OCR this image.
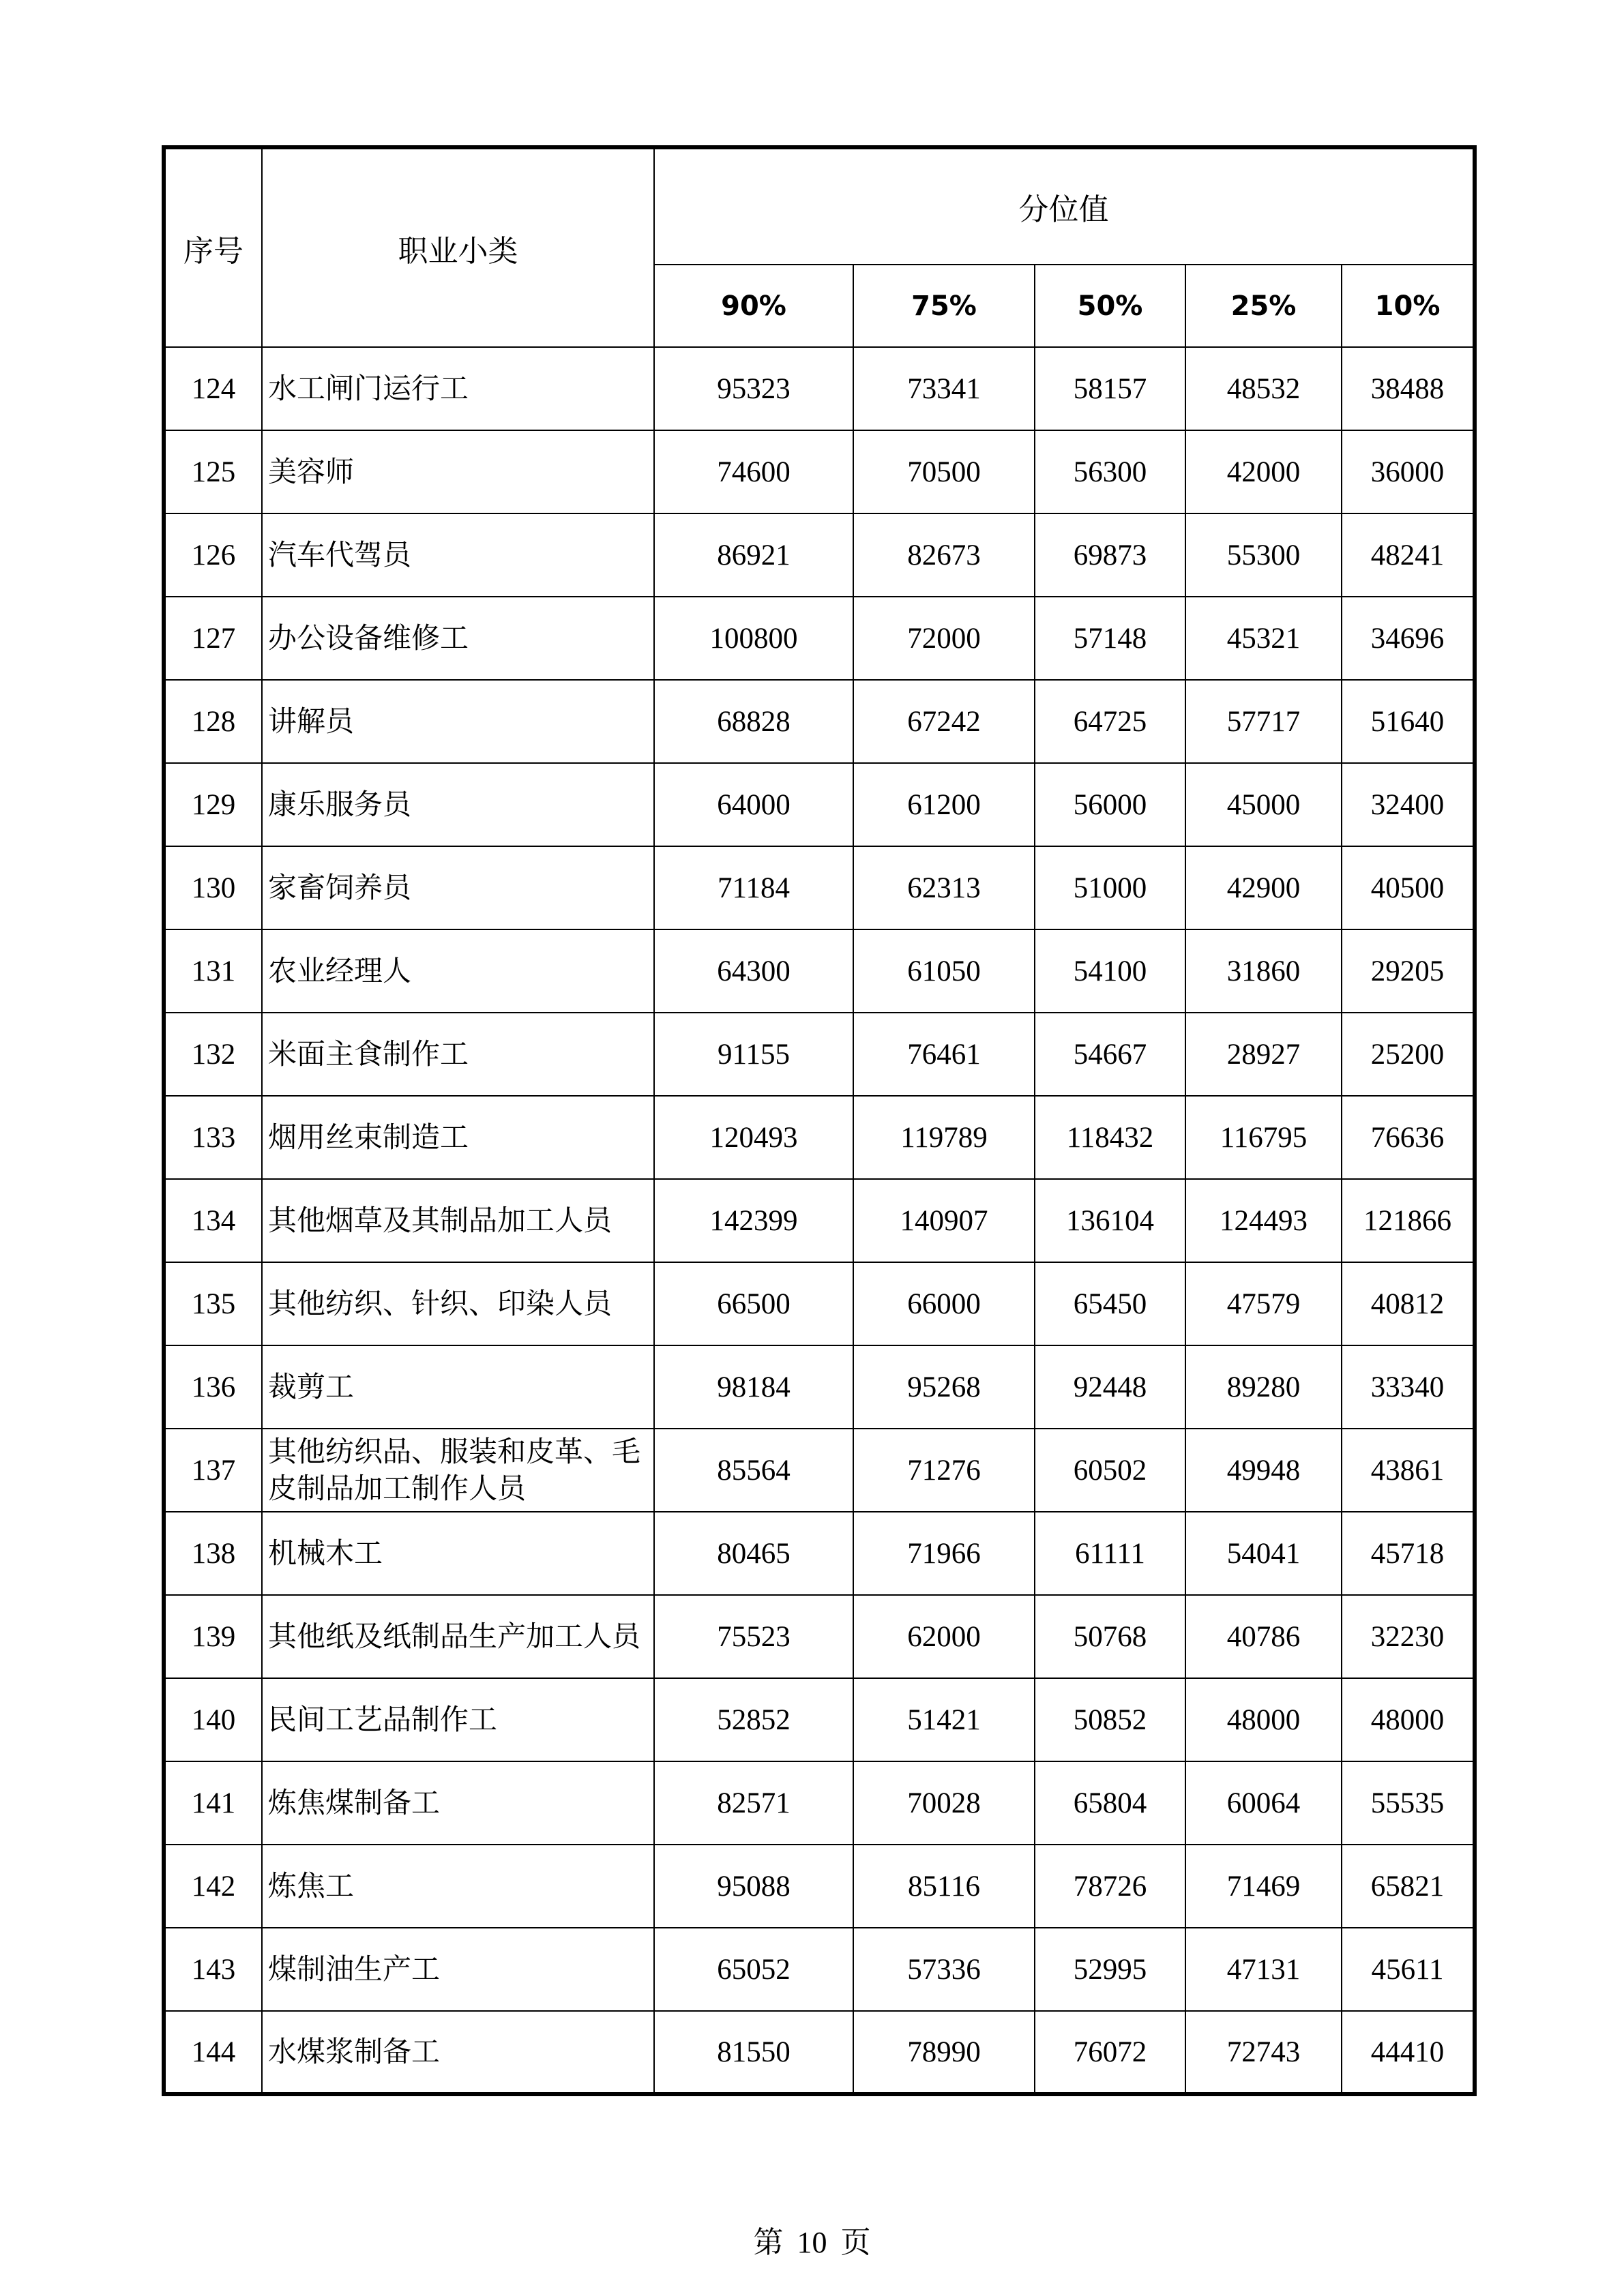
序号	职业小类	分位值				
		90%	75%	50%	25%	10%
124	水工闸门运行工	95323	73341	58157	48532	38488
125	美容师	74600	70500	56300	42000	36000
126	汽车代驾员	86921	82673	69873	55300	48241
127	办公设备维修工	100800	72000	57148	45321	34696
128	讲解员	68828	67242	64725	57717	51640
129	康乐服务员	64000	61200	56000	45000	32400
130	家畜饲养员	71184	62313	51000	42900	40500
131	农业经理人	64300	61050	54100	31860	29205
132	米面主食制作工	91155	76461	54667	28927	25200
133	烟用丝束制造工	120493	119789	118432	116795	76636
134	其他烟草及其制品加工人员	142399	140907	136104	124493	121866
135	其他纺织、针织、印染人员	66500	66000	65450	47579	40812
136	裁剪工	98184	95268	92448	89280	33340
137	其他纺织品、服装和皮革、毛皮制品加工制作人员	85564	71276	60502	49948	43861
138	机械木工	80465	71966	61111	54041	45718
139	其他纸及纸制品生产加工人员	75523	62000	50768	40786	32230
140	民间工艺品制作工	52852	51421	50852	48000	48000
141	炼焦煤制备工	82571	70028	65804	60064	55535
142	炼焦工	95088	85116	78726	71469	65821
143	煤制油生产工	65052	57336	52995	47131	45611
144	水煤浆制备工	81550	78990	76072	72743	44410
第 10 页
